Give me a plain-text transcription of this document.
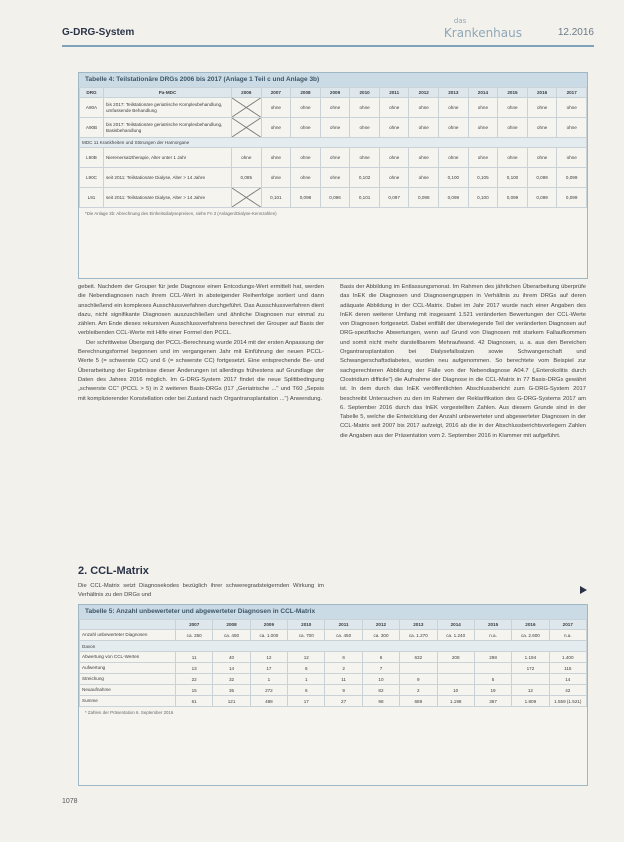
G-DRG-System
das
Krankenhaus	12.2016
Tabelle 4: Teilstationäre DRGs 2006 bis 2017 (Anlage 1 Teil c und Anlage 3b)
DRG	Pa-MDC	2006	2007	2008	2009	2010	2011	2012	2013	2014	2015	2016	2017
A90A	bis 2017: Teilstationäre geriatrische Komplexbehandlung, umfassende Behandlung		ohne	ohne	ohne	ohne	ohne	ohne	ohne	ohne	ohne	ohne	ohne
A90B	bis 2017: Teilstationäre geriatrische Komplexbehandlung, Basisbehandlung		ohne	ohne	ohne	ohne	ohne	ohne	ohne	ohne	ohne	ohne	ohne
MDC 11 Krankheiten und Störungen der Harnorgane													
L90B	Nierenersatztherapie, Alter unter 1 Jahr	ohne	ohne	ohne	ohne	ohne	ohne	ohne	ohne	ohne	ohne	ohne	ohne
L90C	seit 2011: Teilstationäre Dialyse, Alter > 14 Jahre	0,085	ohne	ohne	ohne	0,102	ohne	ohne	0,100	0,105	0,100	0,099	0,099
L91	seit 2011: Teilstationäre Dialyse, Alter > 14 Jahre		0,101	0,098	0,096	0,101	0,097	0,098	0,099	0,100	0,099	0,099	0,099
*Die Anlage 3b: Abrechnung des Einheitsdialysepreisen, siehe Fn 3 (Anlagen/Dialyse-Kennzahlen)

gebeit. Nachdem der Grouper für jede Diagnose einen Entcodungs-Wert ermittelt hat, werden die Nebendiagnosen nach ihrem CCL-Wert in absteigender Reihenfolge sortiert und dann anschließend ein komplexes Ausschlussverfahren durchgeführt. Das Ausschlussverfahren dient dazu, nicht signifikante Diagnosen auszuschließen und ähnliche Diagnosen nur einmal zu zählen. Am Ende dieses rekursiven Ausschlussverfahrens berechnet der Grouper auf Basis der verbleibenden CCL-Werte mit Hilfe einer Formel den PCCL.

Der schrittweise Übergang der PCCL-Berechnung wurde 2014 mit der ersten Anpassung der Berechnungsformel begonnen und im vergangenen Jahr mit Einführung der neuen PCCL-Werte 5 (= schwerste CC) und 6 (= schwerste CC) fortgesetzt. Eine entsprechende Be- und Überarbeitung der Ergebnisse dieser Änderungen ist allerdings frühestens auf Grundlage der Daten des Jahres 2016 möglich. Im G-DRG-System 2017 findet die neue Splittbedingung „schwerste CC" (PCCL > 5) in 2 weiteren Basis-DRGs (I17 „Geriatrische ..." und T60 „Sepsis mit komplizierender Konstellation oder bei Zustand nach Organtransplantation ...") Anwendung.

2. CCL-Matrix

Die CCL-Matrix setzt Diagnosekodes bezüglich ihrer schweregradsteigernden Wirkung im Verhältnis zu den DRGs und

Basis der Abbildung im Entlassungsmonat. Im Rahmen des jährlichen Überarbeitung überprüfe das InEK die Diagnosen und Diagnosengruppen in Verhältnis zu ihrem DRGs auf deren adäquate Abbildung in der CCL-Matrix. Dabei im Jahr 2017 wurde nach einer Angaben des InEK deren weiterer Umfang mit insgesamt 1.521 veränderten Bewertungen der CCL-Werte von Diagnosen fortgesetzt. Dabei entfällt der überwiegende Teil der veränderten Diagnosen auf DRG-spezifische Abwertungen, wenn auf Grund von Diagnosen mit starkem Fallaufkommen und somit nicht mehr darstellbarem Mehraufwand. 42 Diagnosen, u. a. aus den Bereichen Organtransplantation bei Dialysefallsatzen sowie Schwangerschaft und Schwangerschaftsdiabetes, wurden neu aufgenommen. So berechtete vom Beispiel zur sachgerechteren Abbildung der Fälle von der Nebendiagnose A04.7 („Enterokolitis durch Clostridium difficile") die Aufnahme der Diagnose in die CCL-Matrix in 77 Basis-DRGs gewährt ist. In dem durch das InEK veröffentlichten Abschlussbericht zum G-DRG-System 2017 beschreibt Untersuchen zu den im Rahmen der Reklarifikation des G-DRG-Systems 2017 am 6. September 2016 durch das InEK vorgestellten Zahlen. Aus diesem Grunde sind in der Tabelle 5, welche die Entwicklung der Anzahl unbewerteter und abgewerteter Diagnosen in der CCL-Matrix seit 2007 bis 2017 aufzeigt, 2016 ab die in der Abschlussberichtsvorlegern Zahlen die Angaben aus der Präsentation vom 2. September 2016 in Klammer mit aufgeführt.

Tabelle 5: Anzahl unbewerteter und abgewerteter Diagnosen in CCL-Matrix
	2007	2008	2009	2010	2011	2012	2013	2014	2015	2016	2017
Anzahl unbewerteter Diagnosen	ca. 350	ca. 450	ca. 1.000	ca. 700	ca. 450	ca. 300	ca. 1.270	ca. 1.240	n.a.	ca. 2.600	n.a.
Davon											
Abwertung von CCL-Werten	11	40	12	12	6	6	632	208	298	1.194	1.400
Aufwertung	13	14	17	6	2	7				172	115
Streichung	22	32	1	1	11	10	9		5		14
Neuaufnahme	15	35	272	6	9	82	2	10	19	12	42
Summe	61	121	488	17	27	98	689	1.198	367	1.809	1.559 (1.521)
* Zahlen der Präsentation 6. September 2016
1078
